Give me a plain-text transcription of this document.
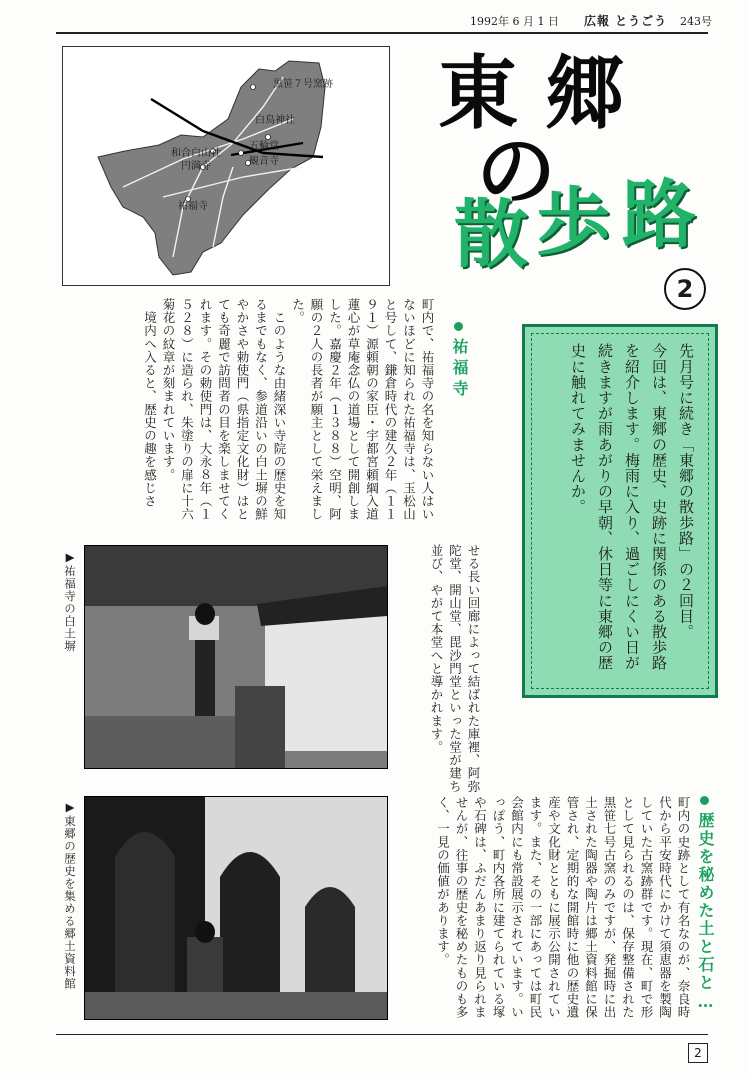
1992年 6 月 1 日 広報 とうごう 243号
黒笹７号窯跡
白鳥神社
五輪堂
観音寺
和合白山社
円満寺
祐福寺
東 郷
の
散 歩 路
2
先月号に続き「東郷の散歩路」の２回目。
今回は、東郷の歴史、史跡に関係のある散歩路を紹介します。梅雨に入り、過ごしにくい日が続きますが雨あがりの早朝、休日等に東郷の歴史に触れてみませんか。
祐福寺
町内で、祐福寺の名を知らない人はいないほどに知られた祐福寺は、玉松山と号して、鎌倉時代の建久２年（１１９１）源頼朝の家臣・宇都宮頼綱入道蓮心が草庵念仏の道場として開創しました。嘉慶２年（１３８８）空明、阿願の２人の長者が願主として栄えました。
　このような由緒深い寺院の歴史を知るまでもなく、参道沿いの白土塀の鮮やかさや勅使門（県指定文化財）はとても奇麗で訪問者の目を楽しませてくれます。その勅使門は、大永８年（１５２８）に造られ、朱塗りの扉に十六菊花の紋章が刻まれています。
　境内へ入ると、歴史の趣を感じさ
せる長い回廊によって結ばれた庫裡、阿弥陀堂、開山堂、毘沙門堂といった堂が建ち並び、やがて本堂へと導かれます。
▶祐福寺の白土塀
▶東郷の歴史を集める郷土資料館	歴史を秘めた土と石と…
町内の史跡として有名なのが、奈良時代から平安時代にかけて須恵器を製陶していた古窯跡群です。現在、町で形として見られるのは、保存整備された黒笹七号古窯のみですが、発掘時に出土された陶器や陶片は郷土資料館に保管され、定期的な開館時に他の歴史遺産や文化財とともに展示公開されています。また、その一部にあっては町民会館内にも常設展示されています。いっぽう、町内各所に建てられている塚や石碑は、ふだんあまり返り見られませんが、往事の歴史を秘めたものも多く、一見の価値があります。
2
